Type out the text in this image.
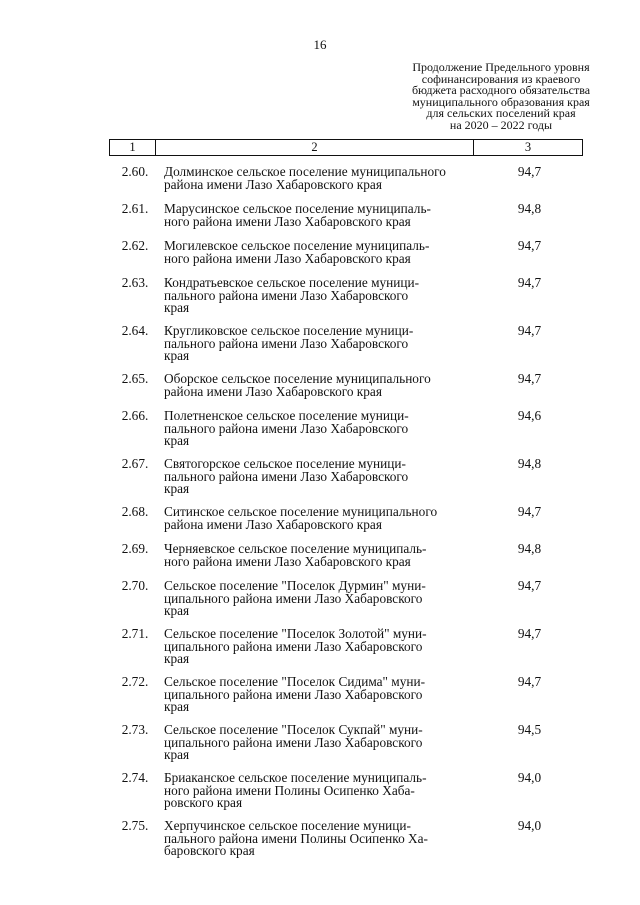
16
Продолжение Предельного уровня
софинансирования из краевого
бюджета расходного обязательства
муниципального образования края
для сельских поселений края
на 2020 – 2022 годы
1	2	3
2.60.	Долминское сельское поселение муниципального
района имени Лазо Хабаровского края
94,7
2.61.	Марусинское сельское поселение муниципаль-
ного района имени Лазо Хабаровского края
94,8
2.62.	Могилевское сельское поселение муниципаль-
ного района имени Лазо Хабаровского края
94,7
2.63.	Кондратьевское сельское поселение муници-
пального района имени Лазо Хабаровского
края
94,7
2.64.	Кругликовское сельское поселение муници-
пального района имени Лазо Хабаровского
края
94,7
2.65.	Оборское сельское поселение муниципального
района имени Лазо Хабаровского края
94,7
2.66.	Полетненское сельское поселение муници-
пального района имени Лазо Хабаровского
края
94,6
2.67.	Святогорское сельское поселение муници-
пального района имени Лазо Хабаровского
края
94,8
2.68.	Ситинское сельское поселение муниципального
района имени Лазо Хабаровского края
94,7
2.69.	Черняевское сельское поселение муниципаль-
ного района имени Лазо Хабаровского края
94,8
2.70.	Сельское поселение "Поселок Дурмин" муни-
ципального района имени Лазо Хабаровского
края
94,7
2.71.	Сельское поселение "Поселок Золотой" муни-
ципального района имени Лазо Хабаровского
края
94,7
2.72.	Сельское поселение "Поселок Сидима" муни-
ципального района имени Лазо Хабаровского
края
94,7
2.73.	Сельское поселение "Поселок Сукпай" муни-
ципального района имени Лазо Хабаровского
края
94,5
2.74.	Бриаканское сельское поселение муниципаль-
ного района имени Полины Осипенко Хаба-
ровского края
94,0
2.75.	Херпучинское сельское поселение муници-
пального района имени Полины Осипенко Ха-
баровского края
94,0
